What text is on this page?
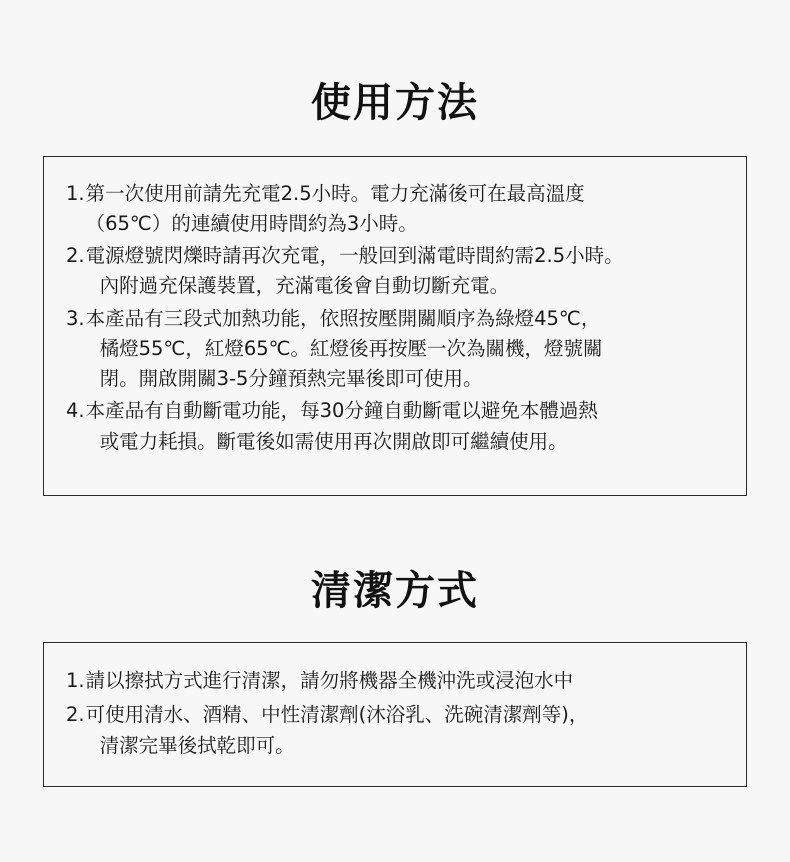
使用方法
1. 第一次使用前請先充電2.5小時。電力充滿後可在最高溫度
（65℃）的連續使用時間約為3小時。
2. 電源燈號閃爍時請再次充電，一般回到滿電時間約需2.5小時。
內附過充保護裝置，充滿電後會自動切斷充電。
3. 本產品有三段式加熱功能，依照按壓開關順序為綠燈45℃，
橘燈55℃，紅燈65℃。紅燈後再按壓一次為關機，燈號關
閉。開啟開關3-5分鐘預熱完畢後即可使用。
4. 本產品有自動斷電功能，每30分鐘自動斷電以避免本體過熱
或電力耗損。斷電後如需使用再次開啟即可繼續使用。
清潔方式
1. 請以擦拭方式進行清潔，請勿將機器全機沖洗或浸泡水中
2. 可使用清水、酒精、中性清潔劑(沐浴乳、洗碗清潔劑等)，
清潔完畢後拭乾即可。
